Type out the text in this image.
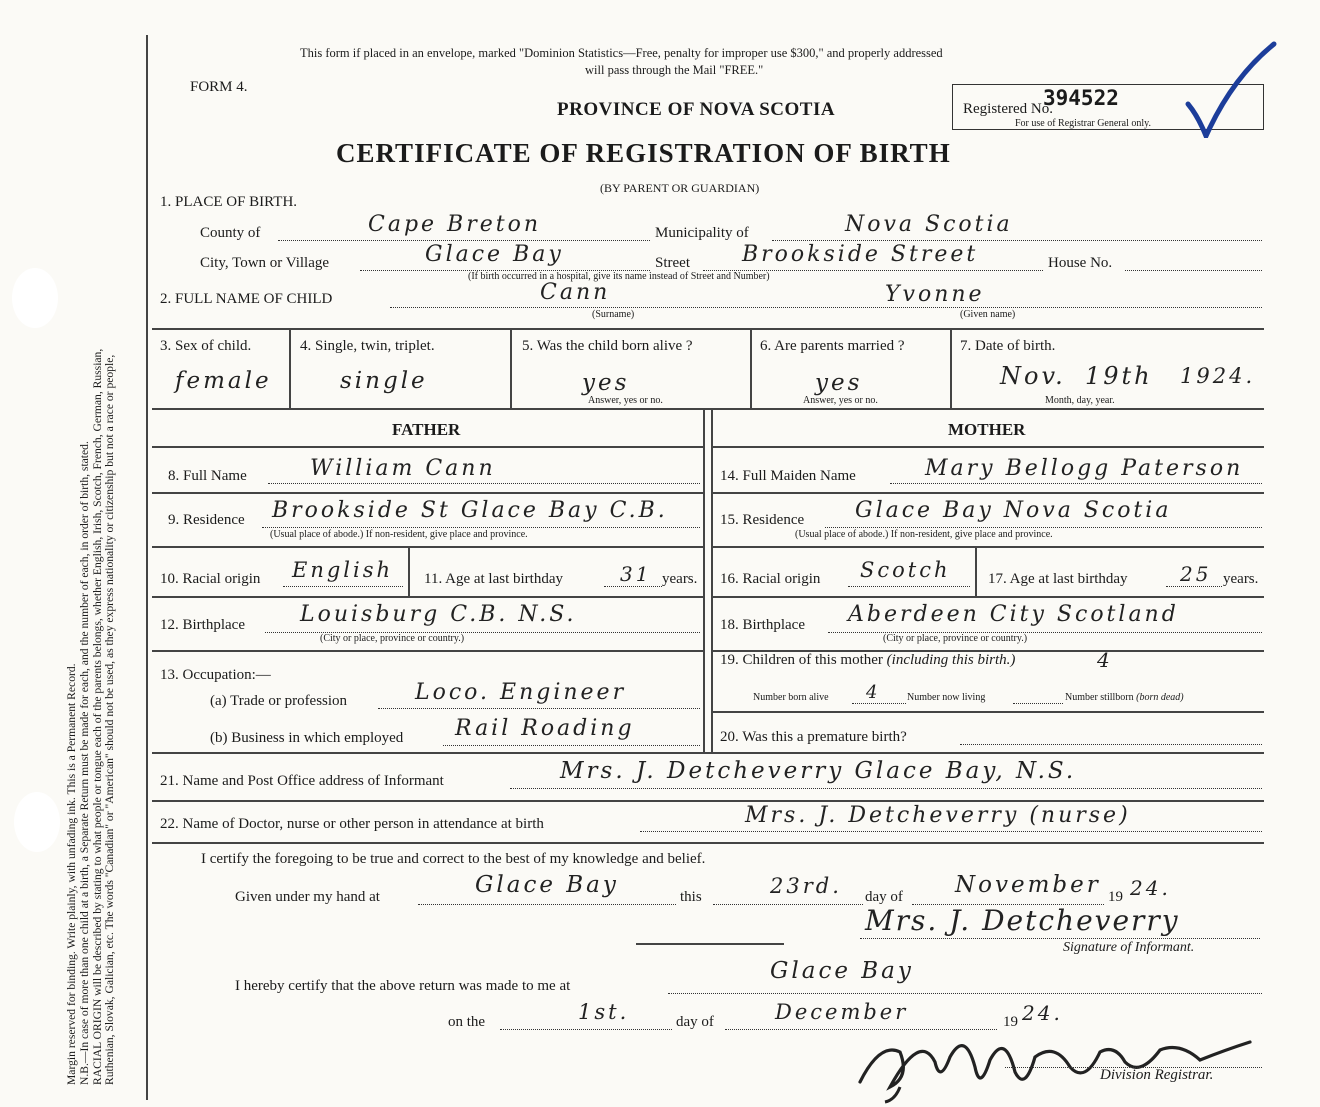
Margin reserved for binding. Write plainly, with unfading ink. This is a Permanent Record. N.B.—In case of more than one child at a birth, a Separate Return must be made for each, and the number of each, in order of birth, stated. RACIAL ORIGIN will be described by stating to what people or tongue each of the parents belongs, whether English, Irish, Scotch, French, German, Russian, Ruthenian, Slovak, Galician, etc. The words "Canadian" or "American" should not be used, as they express nationality or citizenship but not a race or people,
This form if placed in an envelope, marked "Dominion Statistics—Free, penalty for improper use $300," and properly addressed
will pass through the Mail "FREE."
FORM 4.
PROVINCE OF NOVA SCOTIA
CERTIFICATE OF REGISTRATION OF BIRTH
(BY PARENT OR GUARDIAN)
Registered No.
394522
For use of Registrar General only.
1. PLACE OF BIRTH.
County of	Cape Breton	Municipality of	Nova Scotia
City, Town or Village	Glace Bay	Street Brookside Street	House No.
(If birth occurred in a hospital, give its name instead of Street and Number)
2. FULL NAME OF CHILD	Cann	Yvonne
(Surname)	(Given name)
3. Sex of child.	4. Single, twin, triplet.	5. Was the child born alive ?	6. Are parents married ?	7. Date of birth.
female	single	yes	yes
Answer, yes or no.	Answer, yes or no.
Nov. 19th 1924.
Month, day, year.
FATHER	MOTHER
8. Full Name	William Cann	14. Full Maiden Name	Mary Bellogg Paterson
9. Residence Brookside St Glace Bay C.B.
(Usual place of abode.) If non-resident, give place and province.
15. Residence Glace Bay Nova Scotia
(Usual place of abode.) If non-resident, give place and province.
10. Racial origin English 11. Age at last birthday	31 years. 16. Racial origin Scotch 17. Age at last birthday	25 years.
12. Birthplace	Louisburg C.B. N.S.
(City or place, province or country.)
18. Birthplace Aberdeen City Scotland
(City or place, province or country.)
13. Occupation:—
(a) Trade or profession	Loco. Engineer
(b) Business in which employed Rail Roading
19. Children of this mother (including this birth.)	4
Number born alive 4	Number now living	Number stillborn (born dead)
20. Was this a premature birth?
21. Name and Post Office address of Informant	Mrs. J. Detcheverry Glace Bay, N.S.
22. Name of Doctor, nurse or other person in attendance at birth	Mrs. J. Detcheverry (nurse)
I certify the foregoing to be true and correct to the best of my knowledge and belief.
Given under my hand at	Glace Bay	this	23rd. day of November 19 24.
Mrs. J. Detcheverry
Signature of Informant.
I hereby certify that the above return was made to me at
Glace Bay
on the	1st.	day of	December	19 24.
Division Registrar.
